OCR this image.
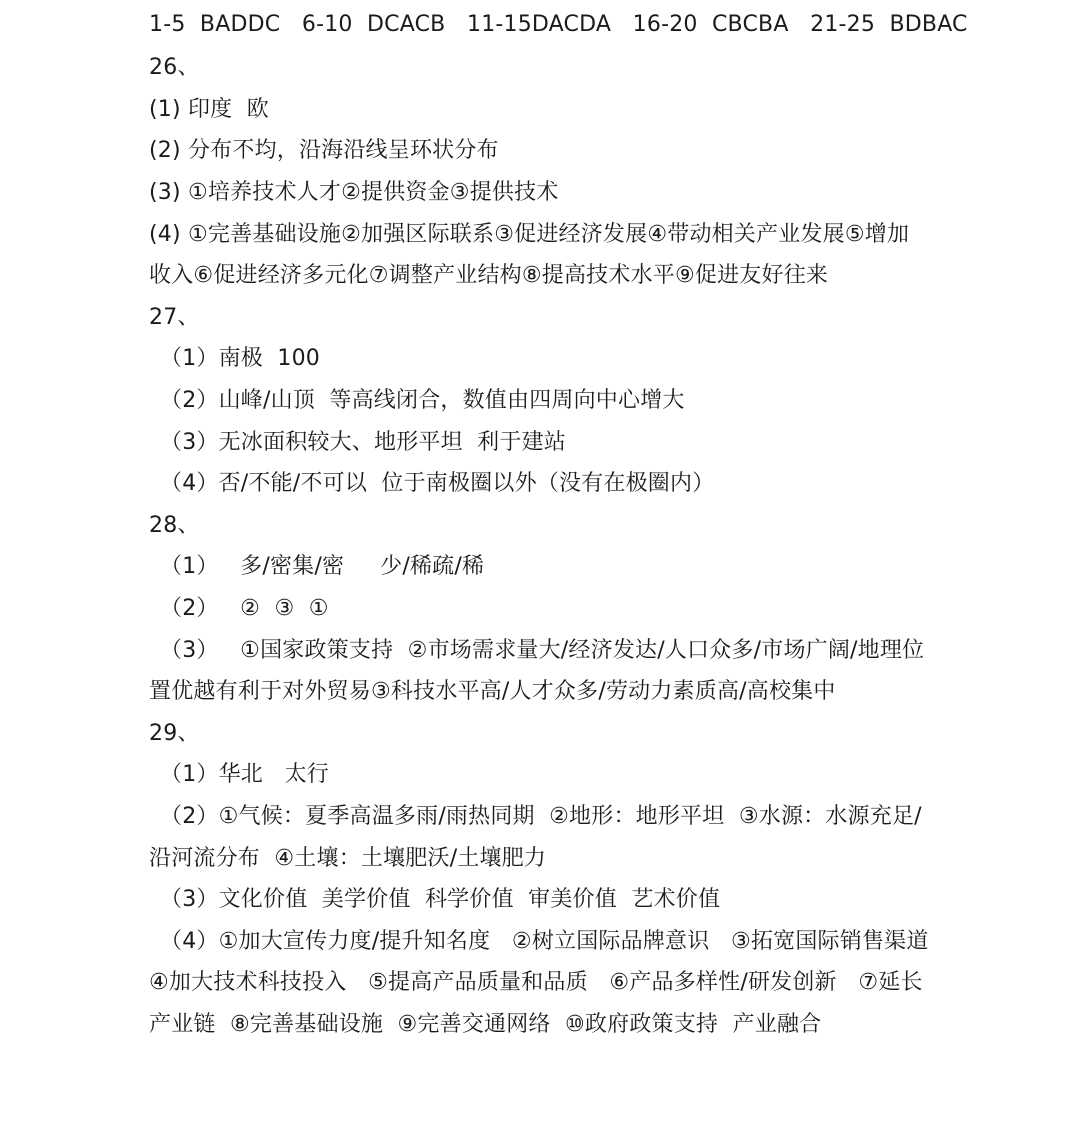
1-5  BADDC   6-10  DCACB   11-15DACDA   16-20  CBCBA   21-25  BDBAC
26、
(1) 印度  欧
(2) 分布不均，沿海沿线呈环状分布
(3) ①培养技术人才②提供资金③提供技术
(4) ①完善基础设施②加强区际联系③促进经济发展④带动相关产业发展⑤增加
收入⑥促进经济多元化⑦调整产业结构⑧提高技术水平⑨促进友好往来
27、
（1）南极  100
（2）山峰/山顶  等高线闭合，数值由四周向中心增大
（3）无冰面积较大、地形平坦  利于建站
（4）否/不能/不可以  位于南极圈以外（没有在极圈内）
28、
（1）   多/密集/密     少/稀疏/稀
（2）   ②  ③  ①
（3）   ①国家政策支持  ②市场需求量大/经济发达/人口众多/市场广阔/地理位
置优越有利于对外贸易③科技水平高/人才众多/劳动力素质高/高校集中
29、
（1）华北   太行
（2）①气候：夏季高温多雨/雨热同期  ②地形：地形平坦  ③水源：水源充足/
沿河流分布  ④土壤：土壤肥沃/土壤肥力
（3）文化价值  美学价值  科学价值  审美价值  艺术价值
（4）①加大宣传力度/提升知名度   ②树立国际品牌意识   ③拓宽国际销售渠道
④加大技术科技投入   ⑤提高产品质量和品质   ⑥产品多样性/研发创新   ⑦延长
产业链  ⑧完善基础设施  ⑨完善交通网络  ⑩政府政策支持  产业融合
